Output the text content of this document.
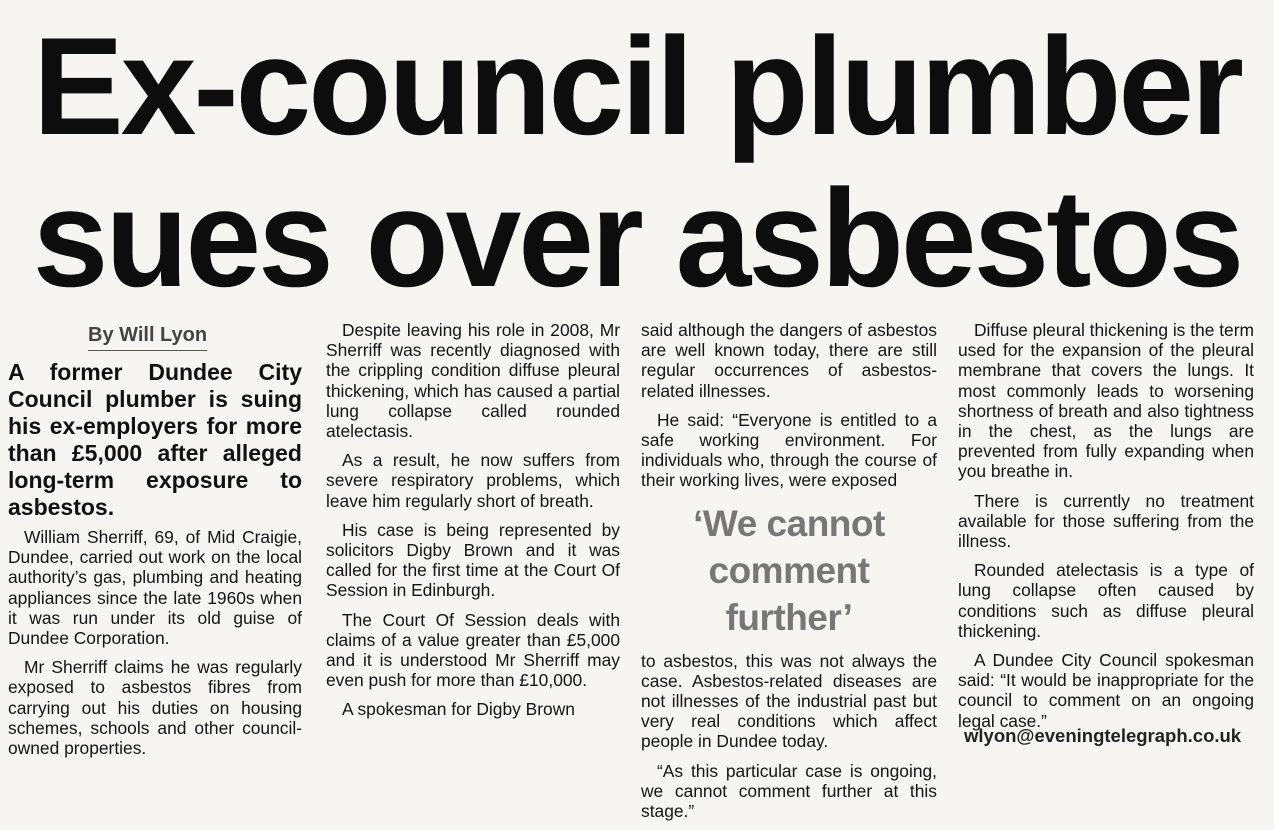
Ex-council plumber
sues over asbestos
By Will Lyon
A former Dundee City Council plumber is suing his ex-employers for more than £5,000 after alleged long-term exposure to asbestos.

William Sherriff, 69, of Mid Craigie, Dundee, carried out work on the local authority’s gas, plumbing and heating appliances since the late 1960s when it was run under its old guise of Dundee Corporation.

Mr Sherriff claims he was regularly exposed to asbestos fibres from carrying out his duties on housing schemes, schools and other council-owned properties.

Despite leaving his role in 2008, Mr Sherriff was recently diagnosed with the crippling condition diffuse pleural thickening, which has caused a partial lung collapse called rounded atelectasis.

As a result, he now suffers from severe respiratory problems, which leave him regularly short of breath.

His case is being represented by solicitors Digby Brown and it was called for the first time at the Court Of Session in Edinburgh.

The Court Of Session deals with claims of a value greater than £5,000 and it is understood Mr Sherriff may even push for more than £10,000.

A spokesman for Digby Brown

said although the dangers of asbestos are well known today, there are still regular occurrences of asbestos-related illnesses.

He said: “Everyone is entitled to a safe working environment. For individuals who, through the course of their working lives, were exposed

‘We cannot comment further’

to asbestos, this was not always the case. Asbestos-related diseases are not illnesses of the industrial past but very real conditions which affect people in Dundee today.

“As this particular case is ongoing, we cannot comment further at this stage.”

Diffuse pleural thickening is the term used for the expansion of the pleural membrane that covers the lungs. It most commonly leads to worsening shortness of breath and also tightness in the chest, as the lungs are prevented from fully expanding when you breathe in.

There is currently no treatment available for those suffering from the illness.

Rounded atelectasis is a type of lung collapse often caused by conditions such as diffuse pleural thickening.

A Dundee City Council spokesman said: “It would be inappropriate for the council to comment on an ongoing legal case.”

wlyon@eveningtelegraph.co.uk
